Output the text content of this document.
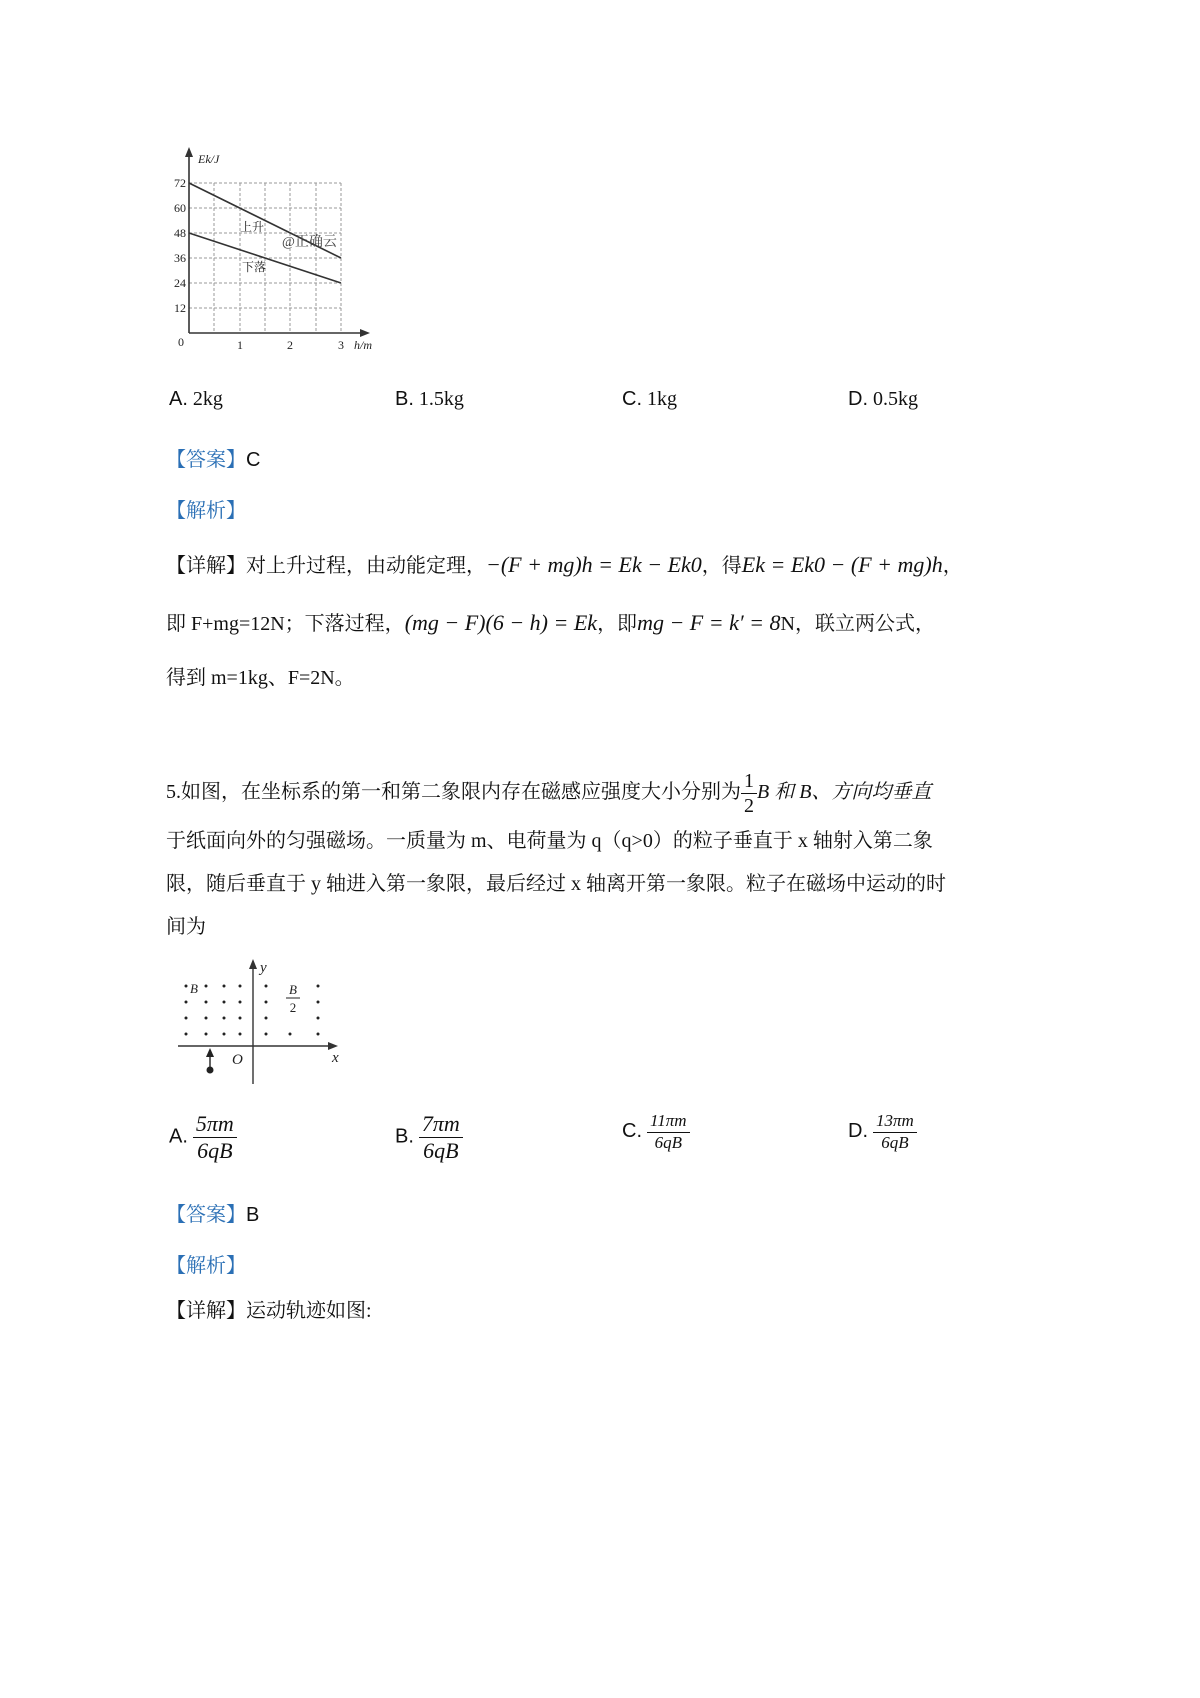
Ek/J
h/m
0
72
60
48
36
24
12
1	2	3
上升
下落
@正确云
A. 2kg	B. 1.5kg	C. 1kg	D. 0.5kg
【答案】C
【解析】
【详解】对上升过程，由动能定理，−(F + mg)h = Ek − Ek0，得Ek = Ek0 − (F + mg)h，
即 F+mg=12N；下落过程，(mg − F)(6 − h) = Ek，即mg − F = k′ = 8N，联立两公式，
得到 m=1kg、F=2N。
5.如图，在坐标系的第一和第二象限内存在磁感应强度大小分别为 $\frac{1}{2}$ B 和 B、方向均垂直
于纸面向外的匀强磁场。一质量为 m、电荷量为 q（q>0）的粒子垂直于 x 轴射入第二象
限，随后垂直于 y 轴进入第一象限，最后经过 x 轴离开第一象限。粒子在磁场中运动的时
间为
y
x
O
B	B
2
A. $\frac{5\pi m}{6qB}$	B. $\frac{7\pi m}{6qB}$	C. $\frac{11\pi m}{6qB}$	D. $\frac{13\pi m}{6qB}$
【答案】B
【解析】
【详解】运动轨迹如图:
